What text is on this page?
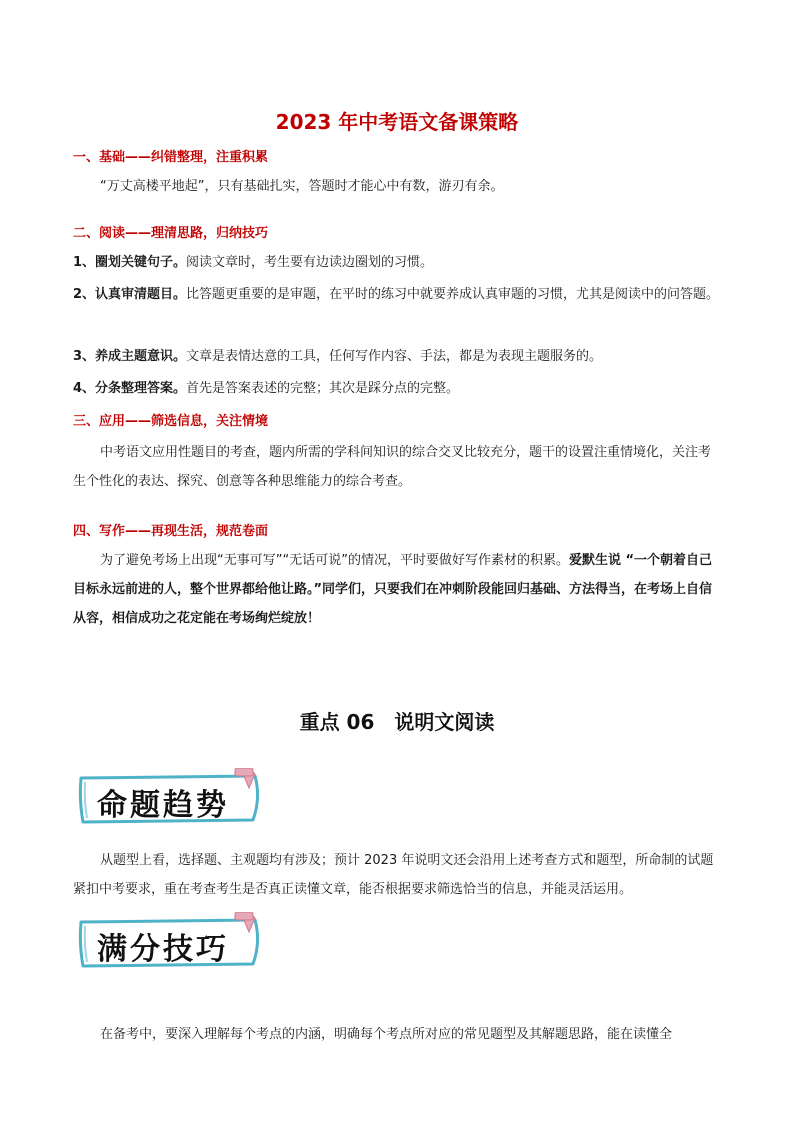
2023 年中考语文备课策略
一、基础——纠错整理，注重积累
“万丈高楼平地起”，只有基础扎实，答题时才能心中有数，游刃有余。
二、阅读——理清思路，归纳技巧
1、圈划关键句子。阅读文章时，考生要有边读边圈划的习惯。
2、认真审清题目。比答题更重要的是审题，在平时的练习中就要养成认真审题的习惯，尤其是阅读中的问答题。
3、养成主题意识。文章是表情达意的工具，任何写作内容、手法，都是为表现主题服务的。
4、分条整理答案。首先是答案表述的完整；其次是踩分点的完整。
三、应用——筛选信息，关注情境
中考语文应用性题目的考查，题内所需的学科间知识的综合交叉比较充分，题干的设置注重情境化，关注考生个性化的表达、探究、创意等各种思维能力的综合考查。
四、写作——再现生活，规范卷面
为了避免考场上出现“无事可写”“无话可说”的情况，平时要做好写作素材的积累。爱默生说 “一个朝着自己目标永远前进的人，整个世界都给他让路。”同学们，只要我们在冲刺阶段能回归基础、方法得当，在考场上自信从容，相信成功之花定能在考场绚烂绽放！
重点 06　说明文阅读
命题趋势
从题型上看，选择题、主观题均有涉及；预计 2023 年说明文还会沿用上述考查方式和题型，所命制的试题紧扣中考要求，重在考查考生是否真正读懂文章，能否根据要求筛选恰当的信息，并能灵活运用。
满分技巧
在备考中，要深入理解每个考点的内涵，明确每个考点所对应的常见题型及其解题思路，能在读懂全
